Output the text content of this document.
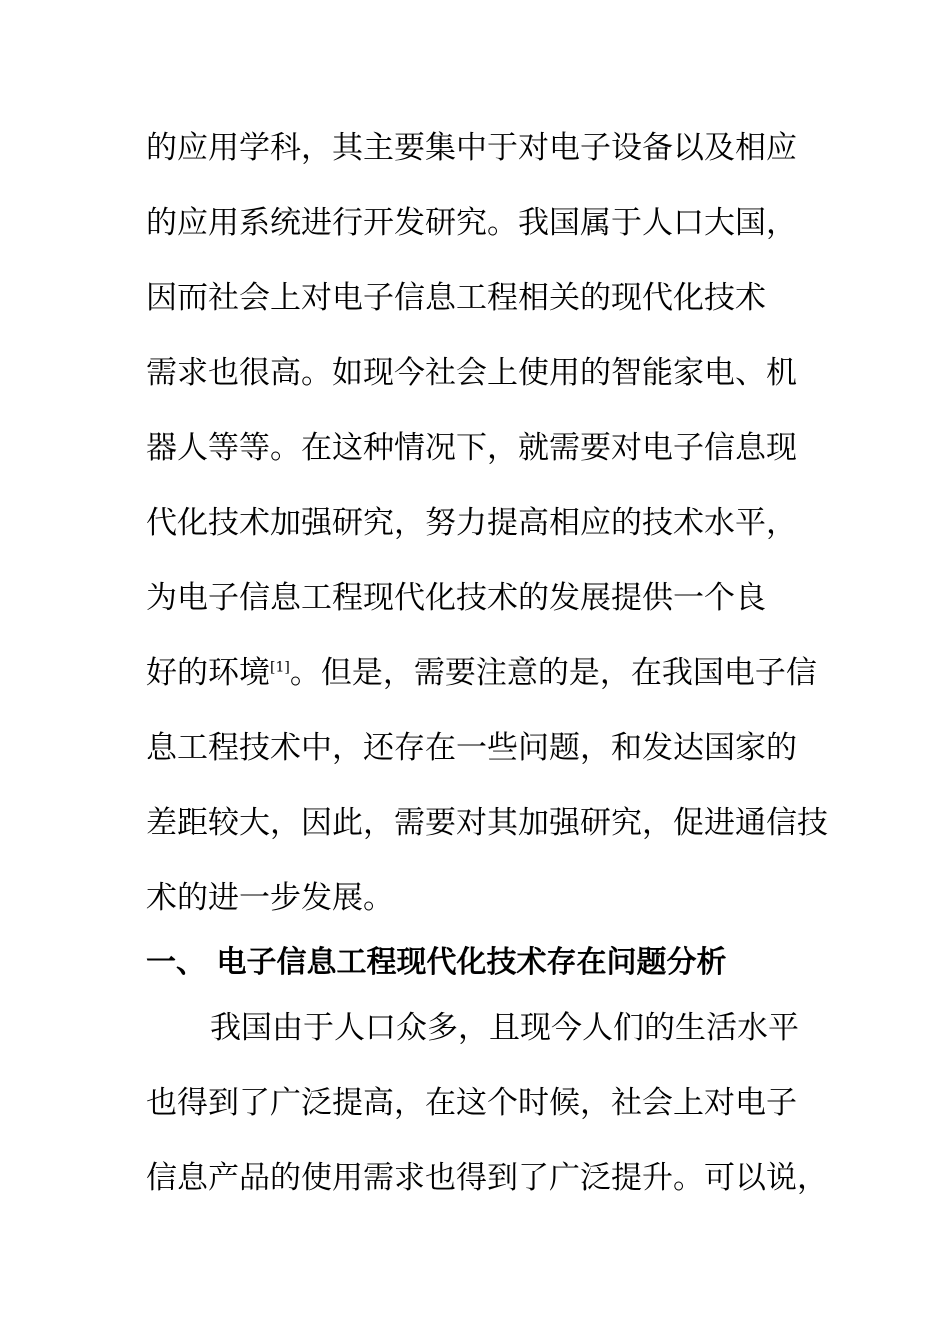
的应用学科，其主要集中于对电子设备以及相应
的应用系统进行开发研究。我国属于人口大国，
因而社会上对电子信息工程相关的现代化技术
需求也很高。如现今社会上使用的智能家电、机
器人等等。在这种情况下，就需要对电子信息现
代化技术加强研究，努力提高相应的技术水平，
为电子信息工程现代化技术的发展提供一个良
好的环境[1]。但是，需要注意的是，在我国电子信
息工程技术中，还存在一些问题，和发达国家的
差距较大，因此，需要对其加强研究，促进通信技
术的进一步发展。
一、 电子信息工程现代化技术存在问题分析
我国由于人口众多，且现今人们的生活水平
也得到了广泛提高，在这个时候，社会上对电子
信息产品的使用需求也得到了广泛提升。可以说，
